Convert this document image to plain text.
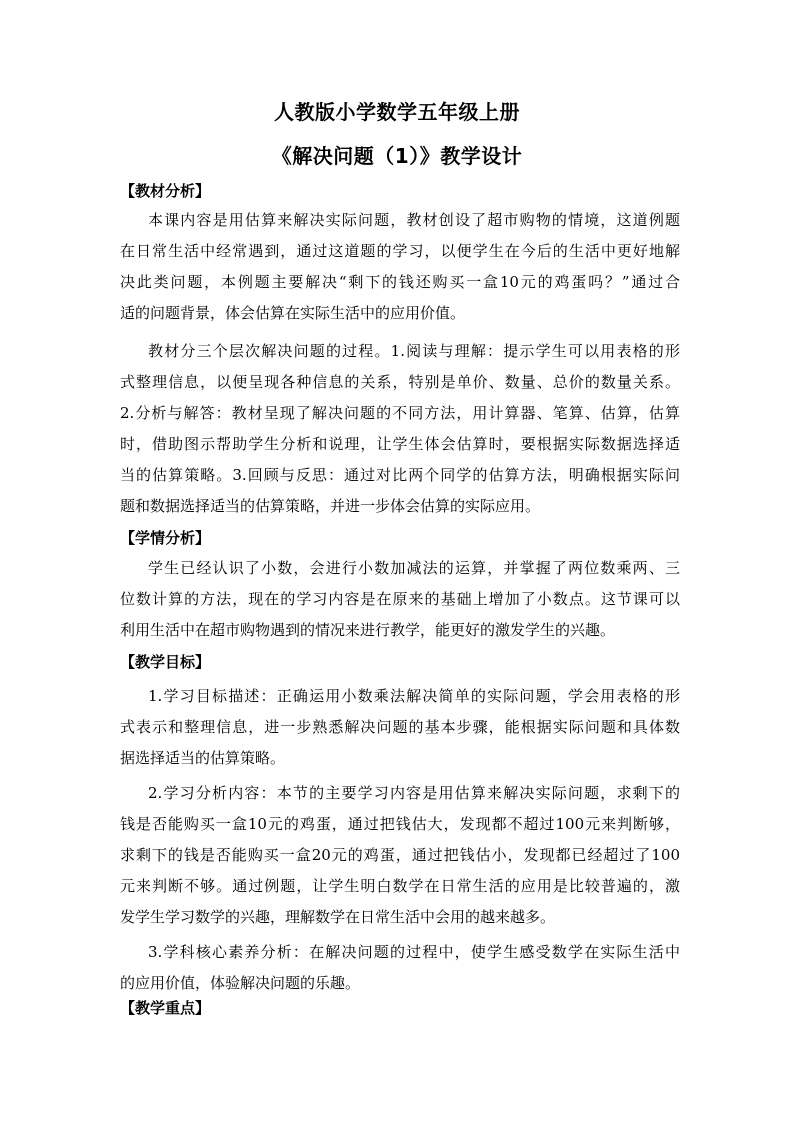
人教版小学数学五年级上册
《解决问题（1）》教学设计
【教材分析】
本课内容是用估算来解决实际问题，教材创设了超市购物的情境，这道例题
在日常生活中经常遇到，通过这道题的学习，以便学生在今后的生活中更好地解
决此类问题，本例题主要解决“剩下的钱还购买一盒10元的鸡蛋吗？”通过合
适的问题背景，体会估算在实际生活中的应用价值。
教材分三个层次解决问题的过程。1.阅读与理解：提示学生可以用表格的形
式整理信息，以便呈现各种信息的关系，特别是单价、数量、总价的数量关系。
2.分析与解答：教材呈现了解决问题的不同方法，用计算器、笔算、估算，估算
时，借助图示帮助学生分析和说理，让学生体会估算时，要根据实际数据选择适
当的估算策略。3.回顾与反思：通过对比两个同学的估算方法，明确根据实际问
题和数据选择适当的估算策略，并进一步体会估算的实际应用。
【学情分析】
学生已经认识了小数，会进行小数加减法的运算，并掌握了两位数乘两、三
位数计算的方法，现在的学习内容是在原来的基础上增加了小数点。这节课可以
利用生活中在超市购物遇到的情况来进行教学，能更好的激发学生的兴趣。
【教学目标】
1.学习目标描述：正确运用小数乘法解决简单的实际问题，学会用表格的形
式表示和整理信息，进一步熟悉解决问题的基本步骤，能根据实际问题和具体数
据选择适当的估算策略。
2.学习分析内容：本节的主要学习内容是用估算来解决实际问题，求剩下的
钱是否能购买一盒10元的鸡蛋，通过把钱估大，发现都不超过100元来判断够，
求剩下的钱是否能购买一盒20元的鸡蛋，通过把钱估小，发现都已经超过了100
元来判断不够。通过例题，让学生明白数学在日常生活的应用是比较普遍的，激
发学生学习数学的兴趣，理解数学在日常生活中会用的越来越多。
3.学科核心素养分析：在解决问题的过程中，使学生感受数学在实际生活中
的应用价值，体验解决问题的乐趣。
【教学重点】
